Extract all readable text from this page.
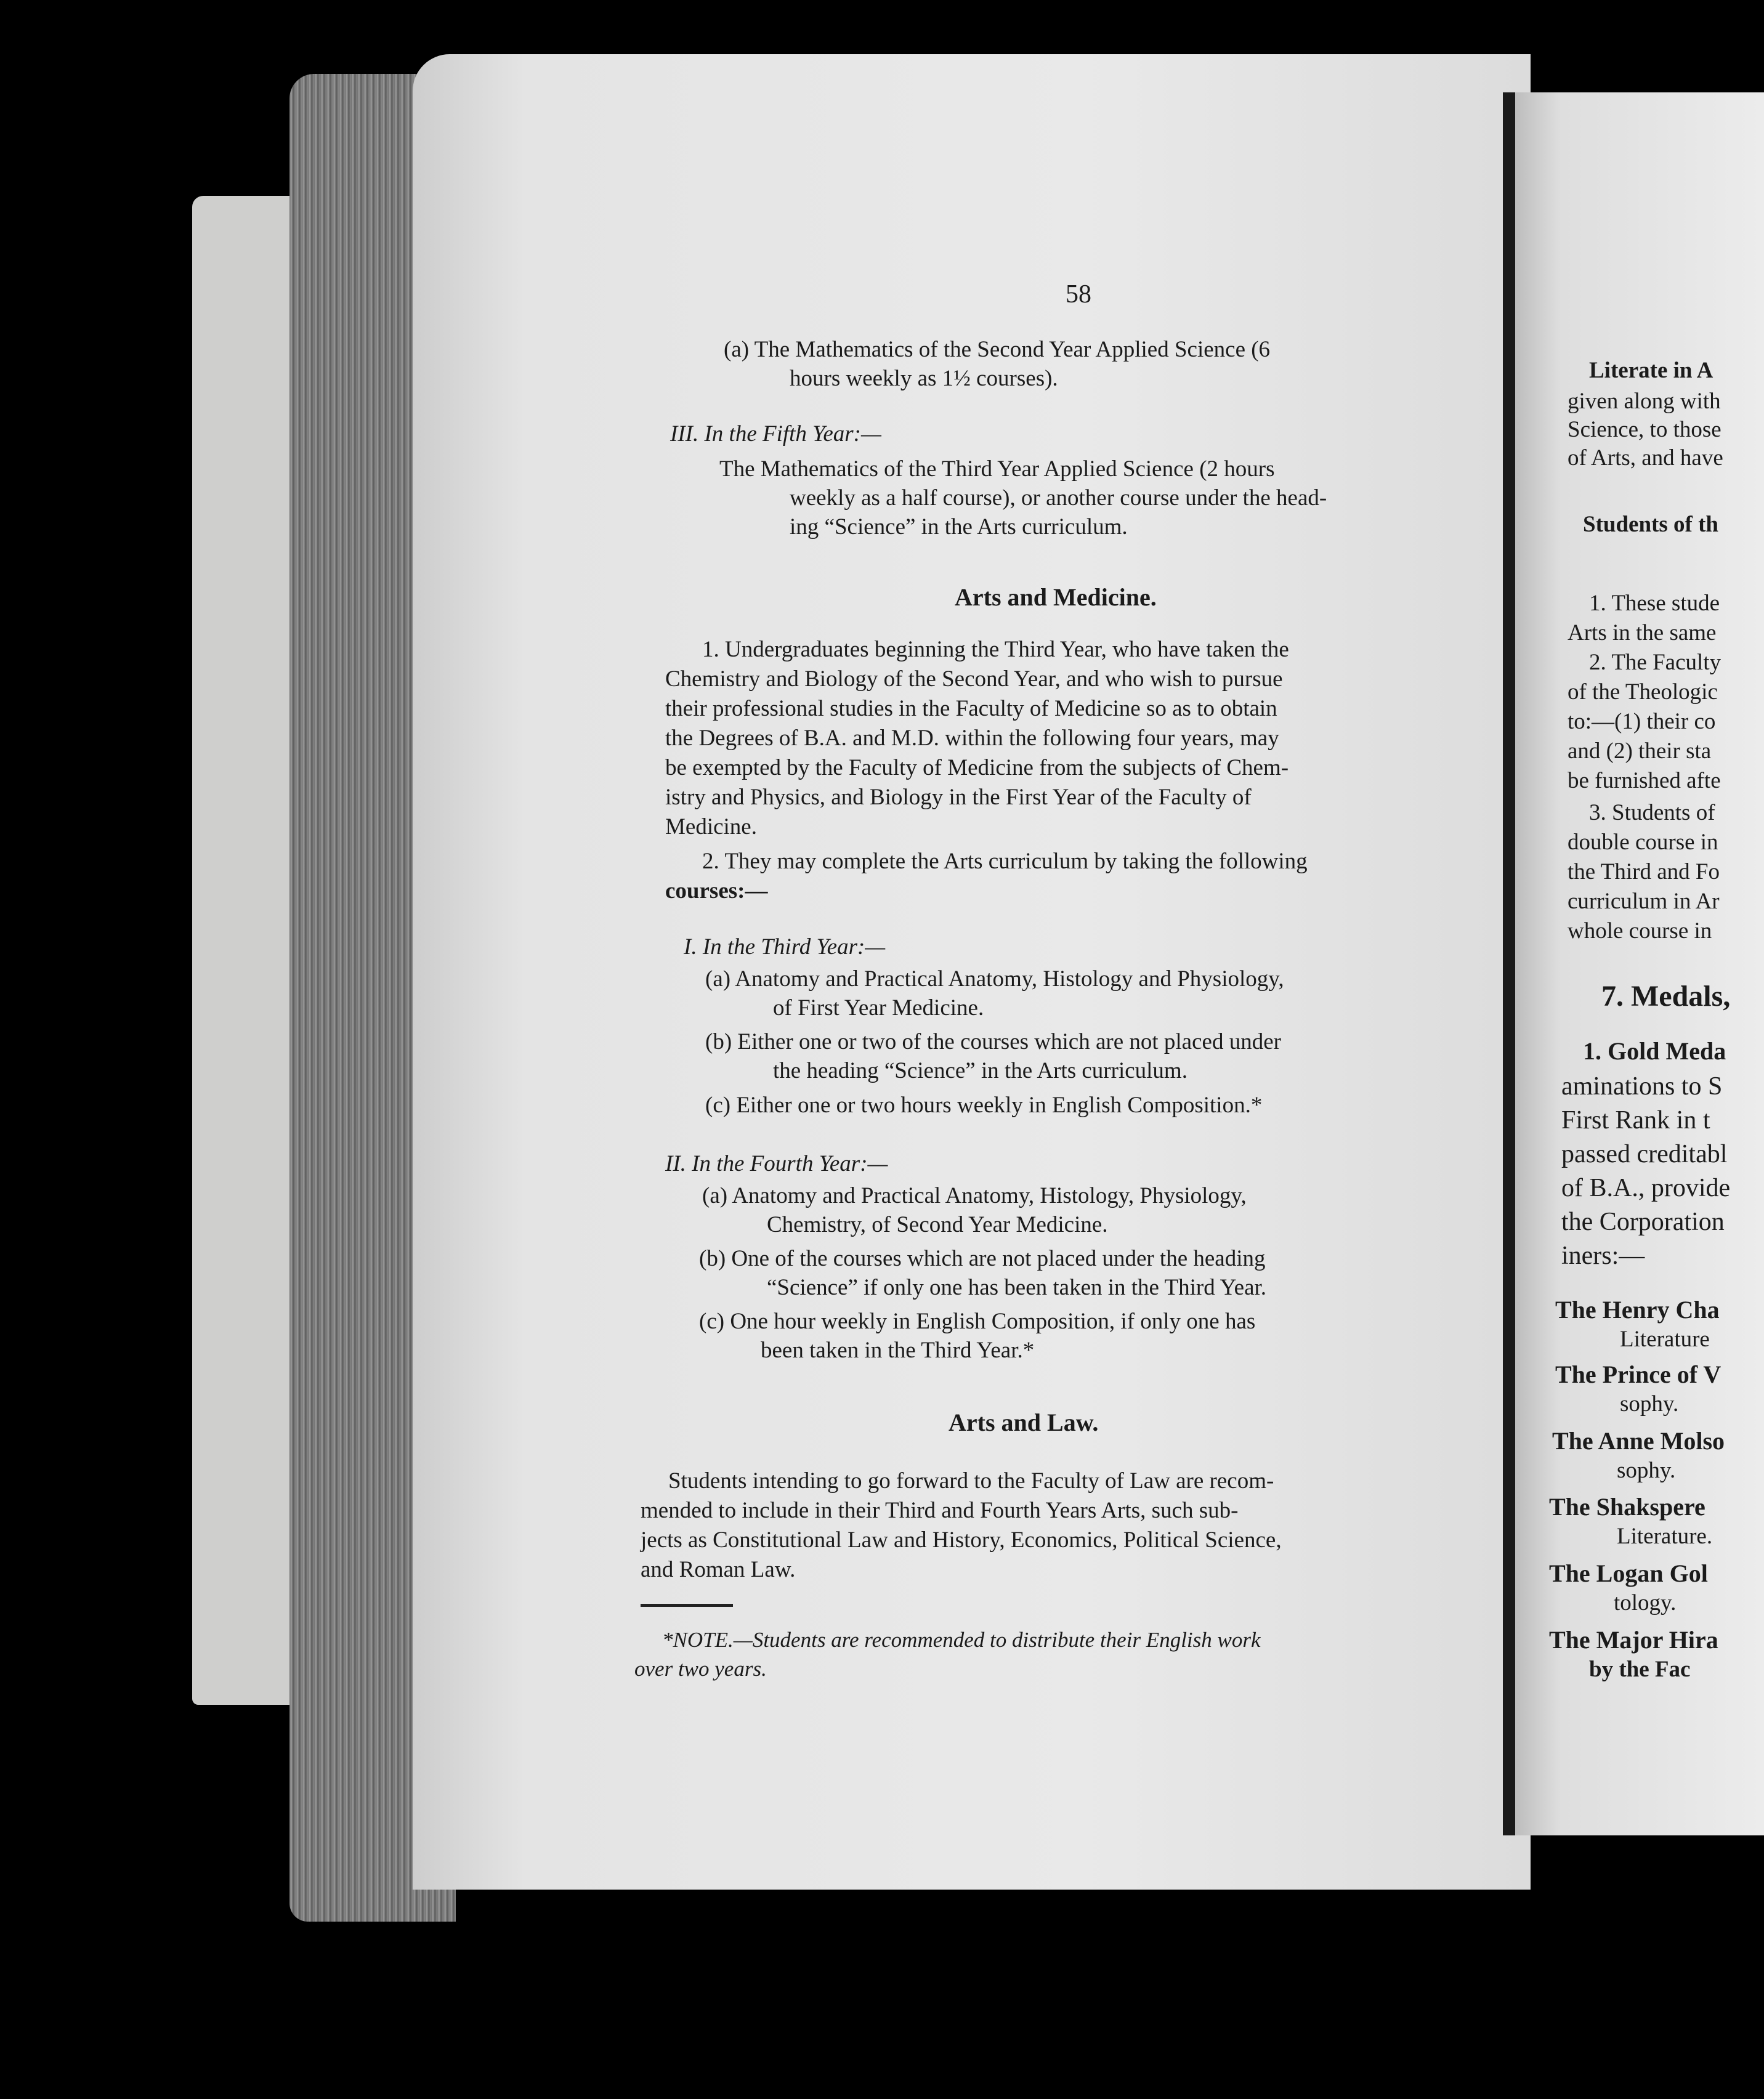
58
(a) The Mathematics of the Second Year Applied Science (6
hours weekly as 1½ courses).
III. In the Fifth Year:—
The Mathematics of the Third Year Applied Science (2 hours
weekly as a half course), or another course under the head-
ing “Science” in the Arts curriculum.
Arts and Medicine.
1. Undergraduates beginning the Third Year, who have taken the
Chemistry and Biology of the Second Year, and who wish to pursue
their professional studies in the Faculty of Medicine so as to obtain
the Degrees of B.A. and M.D. within the following four years, may
be exempted by the Faculty of Medicine from the subjects of Chem-
istry and Physics, and Biology in the First Year of the Faculty of
Medicine.
2. They may complete the Arts curriculum by taking the following
courses:—
I. In the Third Year:—
(a) Anatomy and Practical Anatomy, Histology and Physiology,
of First Year Medicine.
(b) Either one or two of the courses which are not placed under
the heading “Science” in the Arts curriculum.
(c) Either one or two hours weekly in English Composition.*
II. In the Fourth Year:—
(a) Anatomy and Practical Anatomy, Histology, Physiology,
Chemistry, of Second Year Medicine.
(b) One of the courses which are not placed under the heading
“Science” if only one has been taken in the Third Year.
(c) One hour weekly in English Composition, if only one has
been taken in the Third Year.*
Arts and Law.
Students intending to go forward to the Faculty of Law are recom-
mended to include in their Third and Fourth Years Arts, such sub-
jects as Constitutional Law and History, Economics, Political Science,
and Roman Law.
*NOTE.—Students are recommended to distribute their English work
over two years.
Literate in A
given along with
Science, to those
of Arts, and have
Students of th
1. These stude
Arts in the same
2. The Faculty
of the Theologic
to:—(1) their co
and (2) their sta
be furnished afte
3. Students of
double course in
the Third and Fo
curriculum in Ar
whole course in
7. Medals,
1. Gold Meda
aminations to S
First Rank in t
passed creditabl
of B.A., provide
the Corporation
iners:—
The Henry Cha
Literature
The Prince of V
sophy.
The Anne Molso
sophy.
The Shakspere
Literature.
The Logan Gol
tology.
The Major Hira
by the Fac
